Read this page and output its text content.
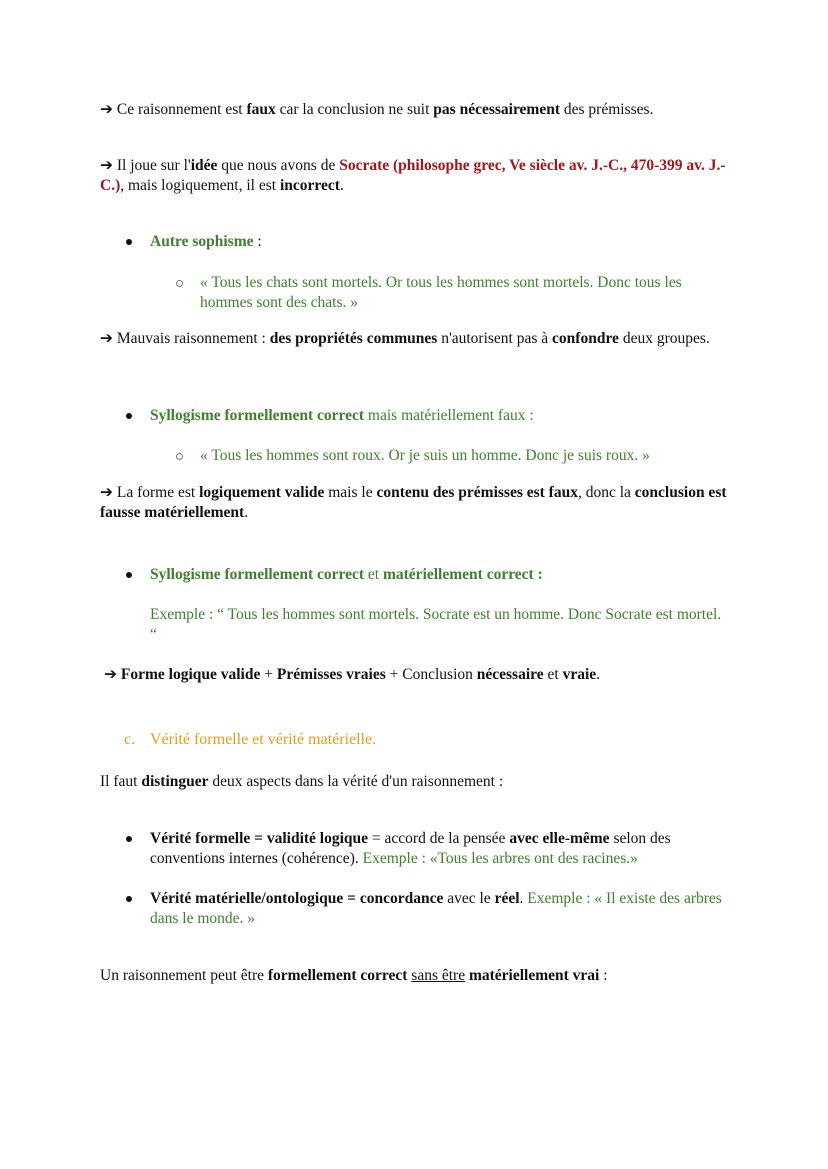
➔ Ce raisonnement est faux car la conclusion ne suit pas nécessairement des prémisses.
➔ Il joue sur l'idée que nous avons de Socrate (philosophe grec, Ve siècle av. J.-C., 470-399 av. J.-C.), mais logiquement, il est incorrect.
Autre sophisme :
« Tous les chats sont mortels. Or tous les hommes sont mortels. Donc tous les hommes sont des chats. »
➔ Mauvais raisonnement : des propriétés communes n'autorisent pas à confondre deux groupes.
Syllogisme formellement correct mais matériellement faux :
« Tous les hommes sont roux. Or je suis un homme. Donc je suis roux. »
➔ La forme est logiquement valide mais le contenu des prémisses est faux, donc la conclusion est fausse matériellement.
Syllogisme formellement correct et matériellement correct :
Exemple : “ Tous les hommes sont mortels. Socrate est un homme. Donc Socrate est mortel. “
➔ Forme logique valide + Prémisses vraies + Conclusion nécessaire et vraie.
c. Vérité formelle et vérité matérielle.
Il faut distinguer deux aspects dans la vérité d'un raisonnement :
Vérité formelle = validité logique = accord de la pensée avec elle-même selon des conventions internes (cohérence). Exemple : «Tous les arbres ont des racines.»
Vérité matérielle/ontologique = concordance avec le réel. Exemple : « Il existe des arbres dans le monde. »
Un raisonnement peut être formellement correct sans être matériellement vrai :
